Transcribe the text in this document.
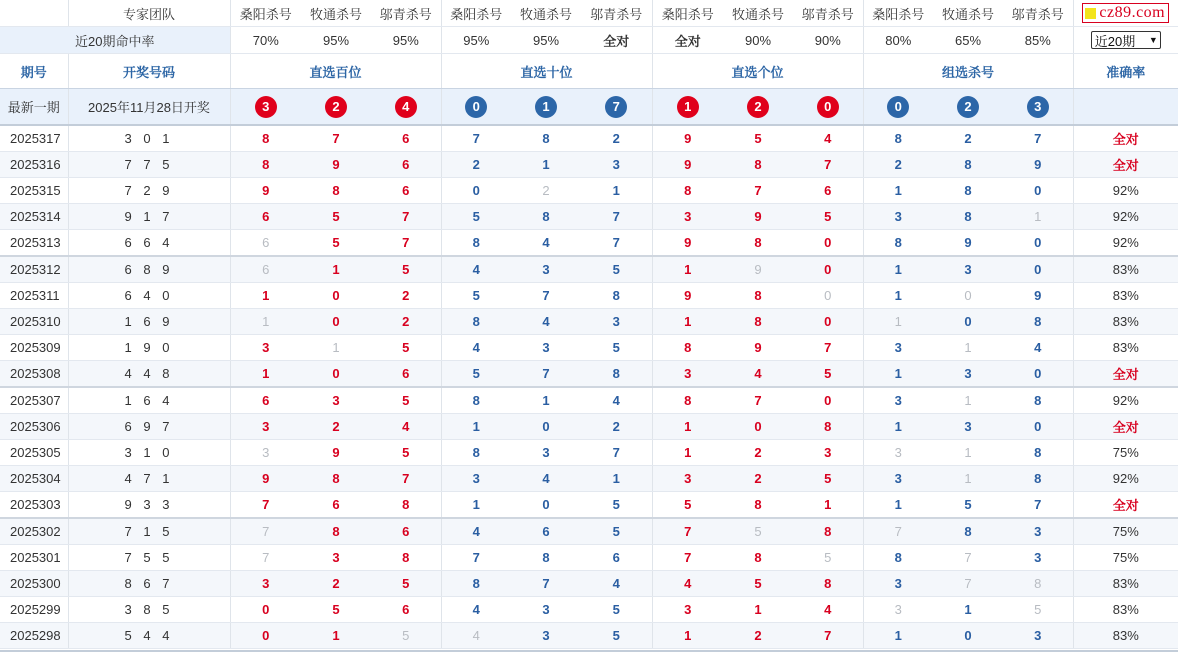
	专家团队	桑阳杀号	牧通杀号	邬青杀号	桑阳杀号	牧通杀号	邬青杀号	桑阳杀号	牧通杀号	邬青杀号	桑阳杀号	牧通杀号	邬青杀号	cz89.com

近20期命中率		70%	95%	95%	95%	95%	全对	全对	90%	90%	80%	65%	85%	近20期 ▼

期号	开奖号码	直选百位			直选十位			直选个位			组选杀号			准确率
最新一期	2025年11月28日开奖	3	2	4	0	1	7	1	2	0	0	2	3	
2025317	3 0 1	8	7	6	7	8	2	9	5	4	8	2	7	全对
2025316	7 7 5	8	9	6	2	1	3	9	8	7	2	8	9	全对
2025315	7 2 9	9	8	6	0	2	1	8	7	6	1	8	0	92%
2025314	9 1 7	6	5	7	5	8	7	3	9	5	3	8	1	92%
2025313	6 6 4	6	5	7	8	4	7	9	8	0	8	9	0	92%
2025312	6 8 9	6	1	5	4	3	5	1	9	0	1	3	0	83%
2025311	6 4 0	1	0	2	5	7	8	9	8	0	1	0	9	83%
2025310	1 6 9	1	0	2	8	4	3	1	8	0	1	0	8	83%
2025309	1 9 0	3	1	5	4	3	5	8	9	7	3	1	4	83%
2025308	4 4 8	1	0	6	5	7	8	3	4	5	1	3	0	全对
2025307	1 6 4	6	3	5	8	1	4	8	7	0	3	1	8	92%
2025306	6 9 7	3	2	4	1	0	2	1	0	8	1	3	0	全对
2025305	3 1 0	3	9	5	8	3	7	1	2	3	3	1	8	75%
2025304	4 7 1	9	8	7	3	4	1	3	2	5	3	1	8	92%
2025303	9 3 3	7	6	8	1	0	5	5	8	1	1	5	7	全对
2025302	7 1 5	7	8	6	4	6	5	7	5	8	7	8	3	75%
2025301	7 5 5	7	3	8	7	8	6	7	8	5	8	7	3	75%
2025300	8 6 7	3	2	5	8	7	4	4	5	8	3	7	8	83%
2025299	3 8 5	0	5	6	4	3	5	3	1	4	3	1	5	83%
2025298	5 4 4	0	1	5	4	3	5	1	2	7	1	0	3	83%
